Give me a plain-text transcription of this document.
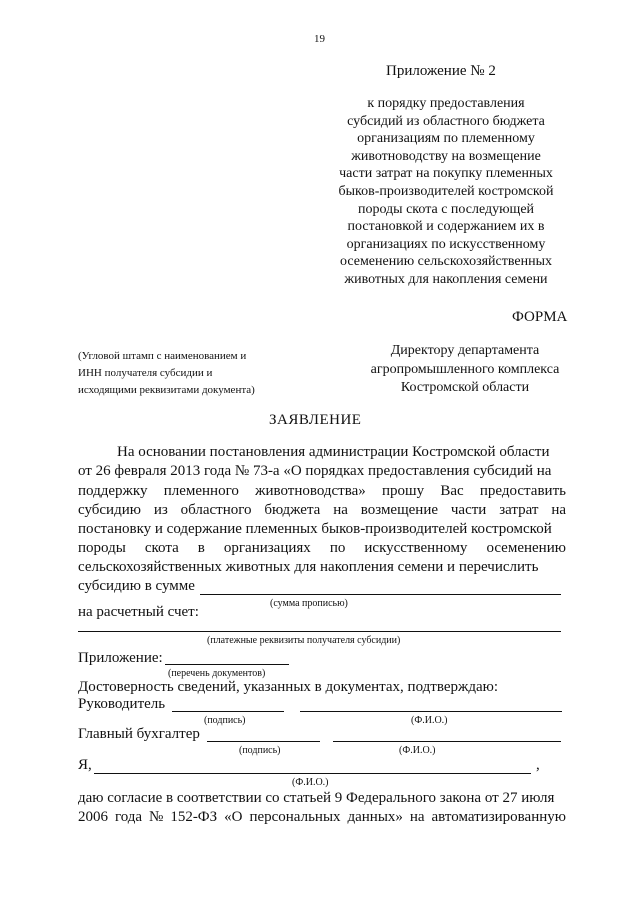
19
Приложение № 2
к порядку предоставления
субсидий из областного бюджета
организациям по племенному
животноводству на возмещение
части затрат на покупку племенных
быков-производителей костромской
породы скота с последующей
постановкой и содержанием их в
организациях по искусственному
осеменению сельскохозяйственных
животных для накопления семени
ФОРМА
(Угловой штамп с наименованием и
ИНН получателя субсидии и
исходящими реквизитами документа)
Директору департамента
агропромышленного комплекса
Костромской области
ЗАЯВЛЕНИЕ
На основании постановления администрации Костромской области
от 26 февраля 2013 года № 73-а «О порядках предоставления субсидий на
поддержку племенного животноводства» прошу Вас предоставить
субсидию из областного бюджета на возмещение части затрат на
постановку и содержание племенных быков-производителей костромской
породы скота в организациях по искусственному осеменению
сельскохозяйственных животных для накопления семени и перечислить
субсидию в сумме
(сумма прописью)
на расчетный счет:
(платежные реквизиты получателя субсидии)
Приложение:
(перечень документов)
Достоверность сведений, указанных в документах, подтверждаю:
Руководитель
(подпись)	(Ф.И.О.)
Главный бухгалтер
(подпись)	(Ф.И.О.)
Я,	,
(Ф.И.О.)
даю согласие в соответствии со статьей 9 Федерального закона от 27 июля
2006 года № 152-ФЗ «О персональных данных» на автоматизированную
